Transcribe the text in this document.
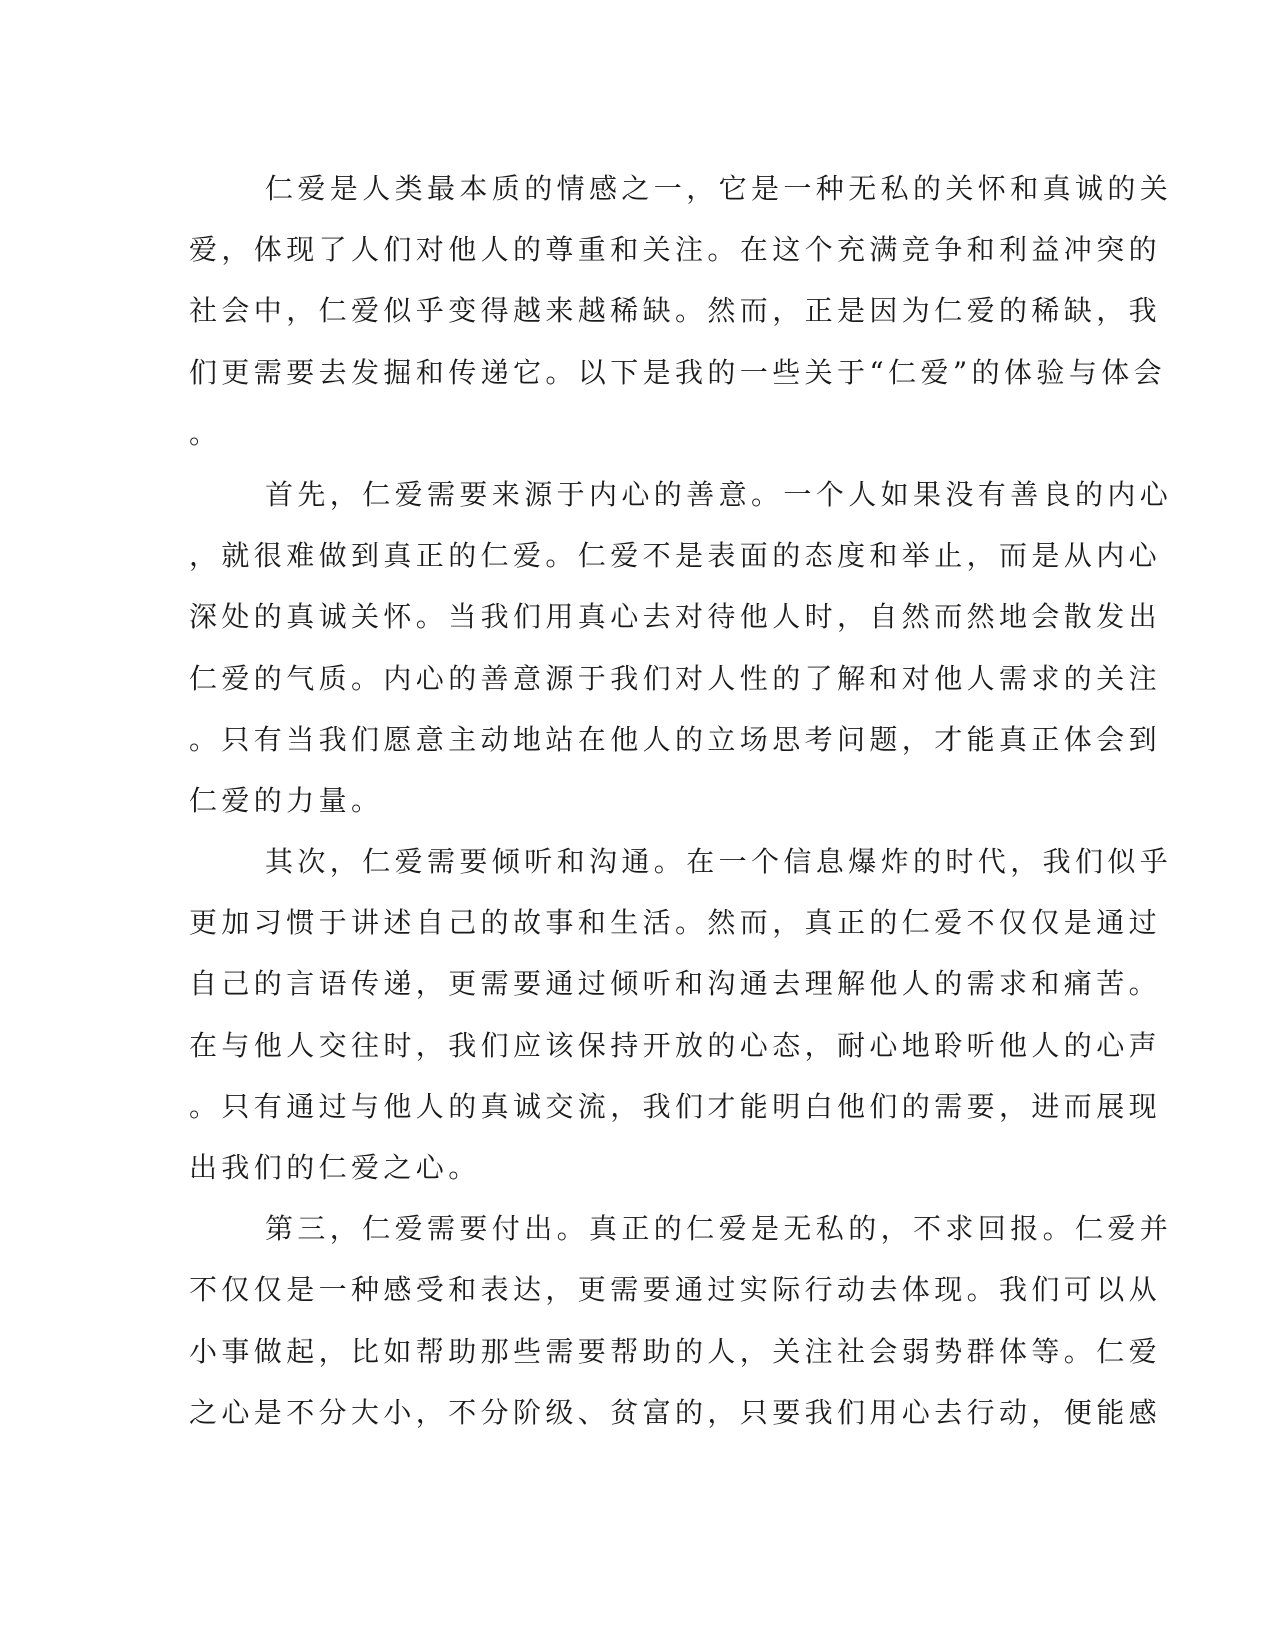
仁爱是人类最本质的情感之一，它是一种无私的关怀和真诚的关
爱，体现了人们对他人的尊重和关注。在这个充满竞争和利益冲突的
社会中，仁爱似乎变得越来越稀缺。然而，正是因为仁爱的稀缺，我
们更需要去发掘和传递它。以下是我的一些关于“仁爱”的体验与体会
。
首先，仁爱需要来源于内心的善意。一个人如果没有善良的内心
，就很难做到真正的仁爱。仁爱不是表面的态度和举止，而是从内心
深处的真诚关怀。当我们用真心去对待他人时，自然而然地会散发出
仁爱的气质。内心的善意源于我们对人性的了解和对他人需求的关注
。只有当我们愿意主动地站在他人的立场思考问题，才能真正体会到
仁爱的力量。
其次，仁爱需要倾听和沟通。在一个信息爆炸的时代，我们似乎
更加习惯于讲述自己的故事和生活。然而，真正的仁爱不仅仅是通过
自己的言语传递，更需要通过倾听和沟通去理解他人的需求和痛苦。
在与他人交往时，我们应该保持开放的心态，耐心地聆听他人的心声
。只有通过与他人的真诚交流，我们才能明白他们的需要，进而展现
出我们的仁爱之心。
第三，仁爱需要付出。真正的仁爱是无私的，不求回报。仁爱并
不仅仅是一种感受和表达，更需要通过实际行动去体现。我们可以从
小事做起，比如帮助那些需要帮助的人，关注社会弱势群体等。仁爱
之心是不分大小，不分阶级、贫富的，只要我们用心去行动，便能感
